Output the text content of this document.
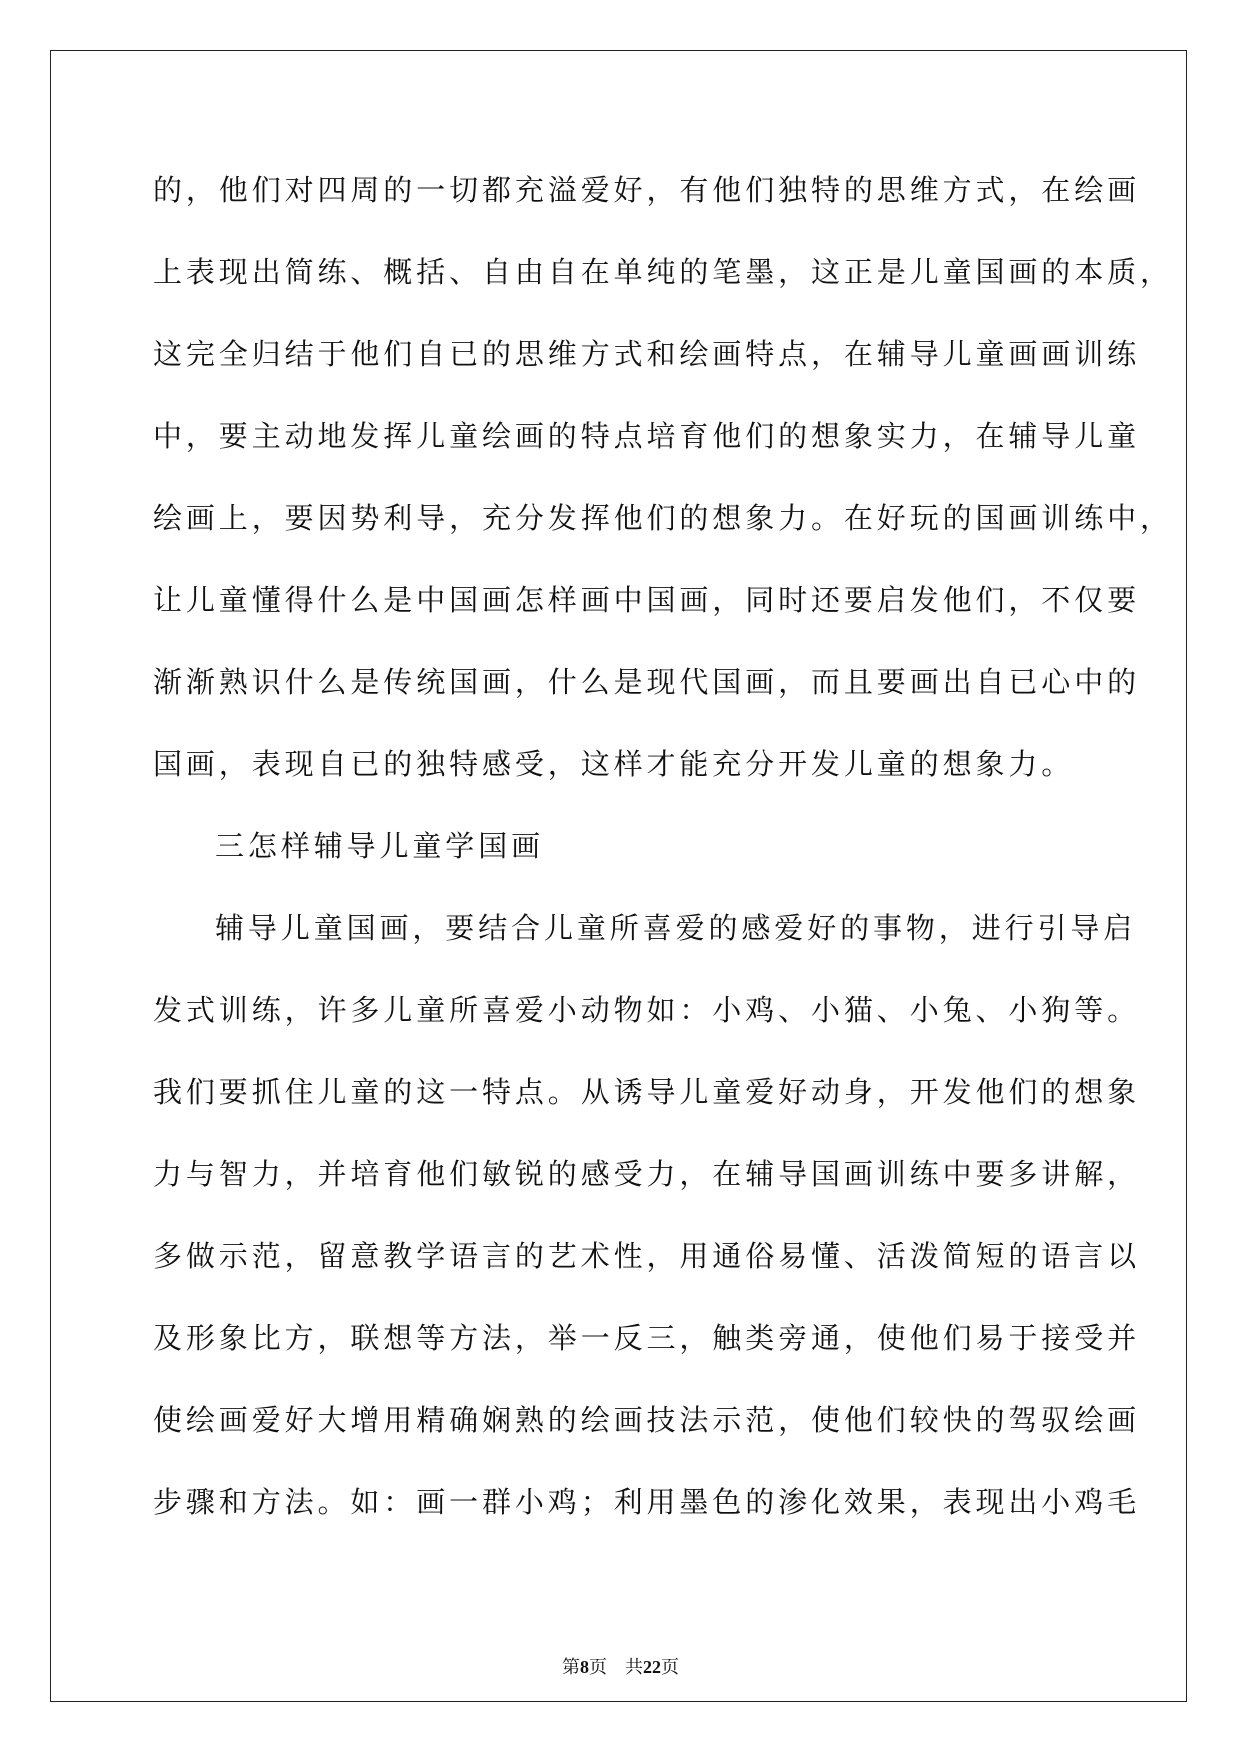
的，他们对四周的一切都充溢爱好，有他们独特的思维方式，在绘画
上表现出简练、概括、自由自在单纯的笔墨，这正是儿童国画的本质，
这完全归结于他们自已的思维方式和绘画特点，在辅导儿童画画训练
中，要主动地发挥儿童绘画的特点培育他们的想象实力，在辅导儿童
绘画上，要因势利导，充分发挥他们的想象力。在好玩的国画训练中，
让儿童懂得什么是中国画怎样画中国画，同时还要启发他们，不仅要
渐渐熟识什么是传统国画，什么是现代国画，而且要画出自已心中的
国画，表现自已的独特感受，这样才能充分开发儿童的想象力。
三怎样辅导儿童学国画
辅导儿童国画，要结合儿童所喜爱的感爱好的事物，进行引导启
发式训练，许多儿童所喜爱小动物如：小鸡、小猫、小兔、小狗等。
我们要抓住儿童的这一特点。从诱导儿童爱好动身，开发他们的想象
力与智力，并培育他们敏锐的感受力，在辅导国画训练中要多讲解，
多做示范，留意教学语言的艺术性，用通俗易懂、活泼简短的语言以
及形象比方，联想等方法，举一反三，触类旁通，使他们易于接受并
使绘画爱好大增用精确娴熟的绘画技法示范，使他们较快的驾驭绘画
步骤和方法。如：画一群小鸡；利用墨色的渗化效果，表现出小鸡毛
第8页 共22页
